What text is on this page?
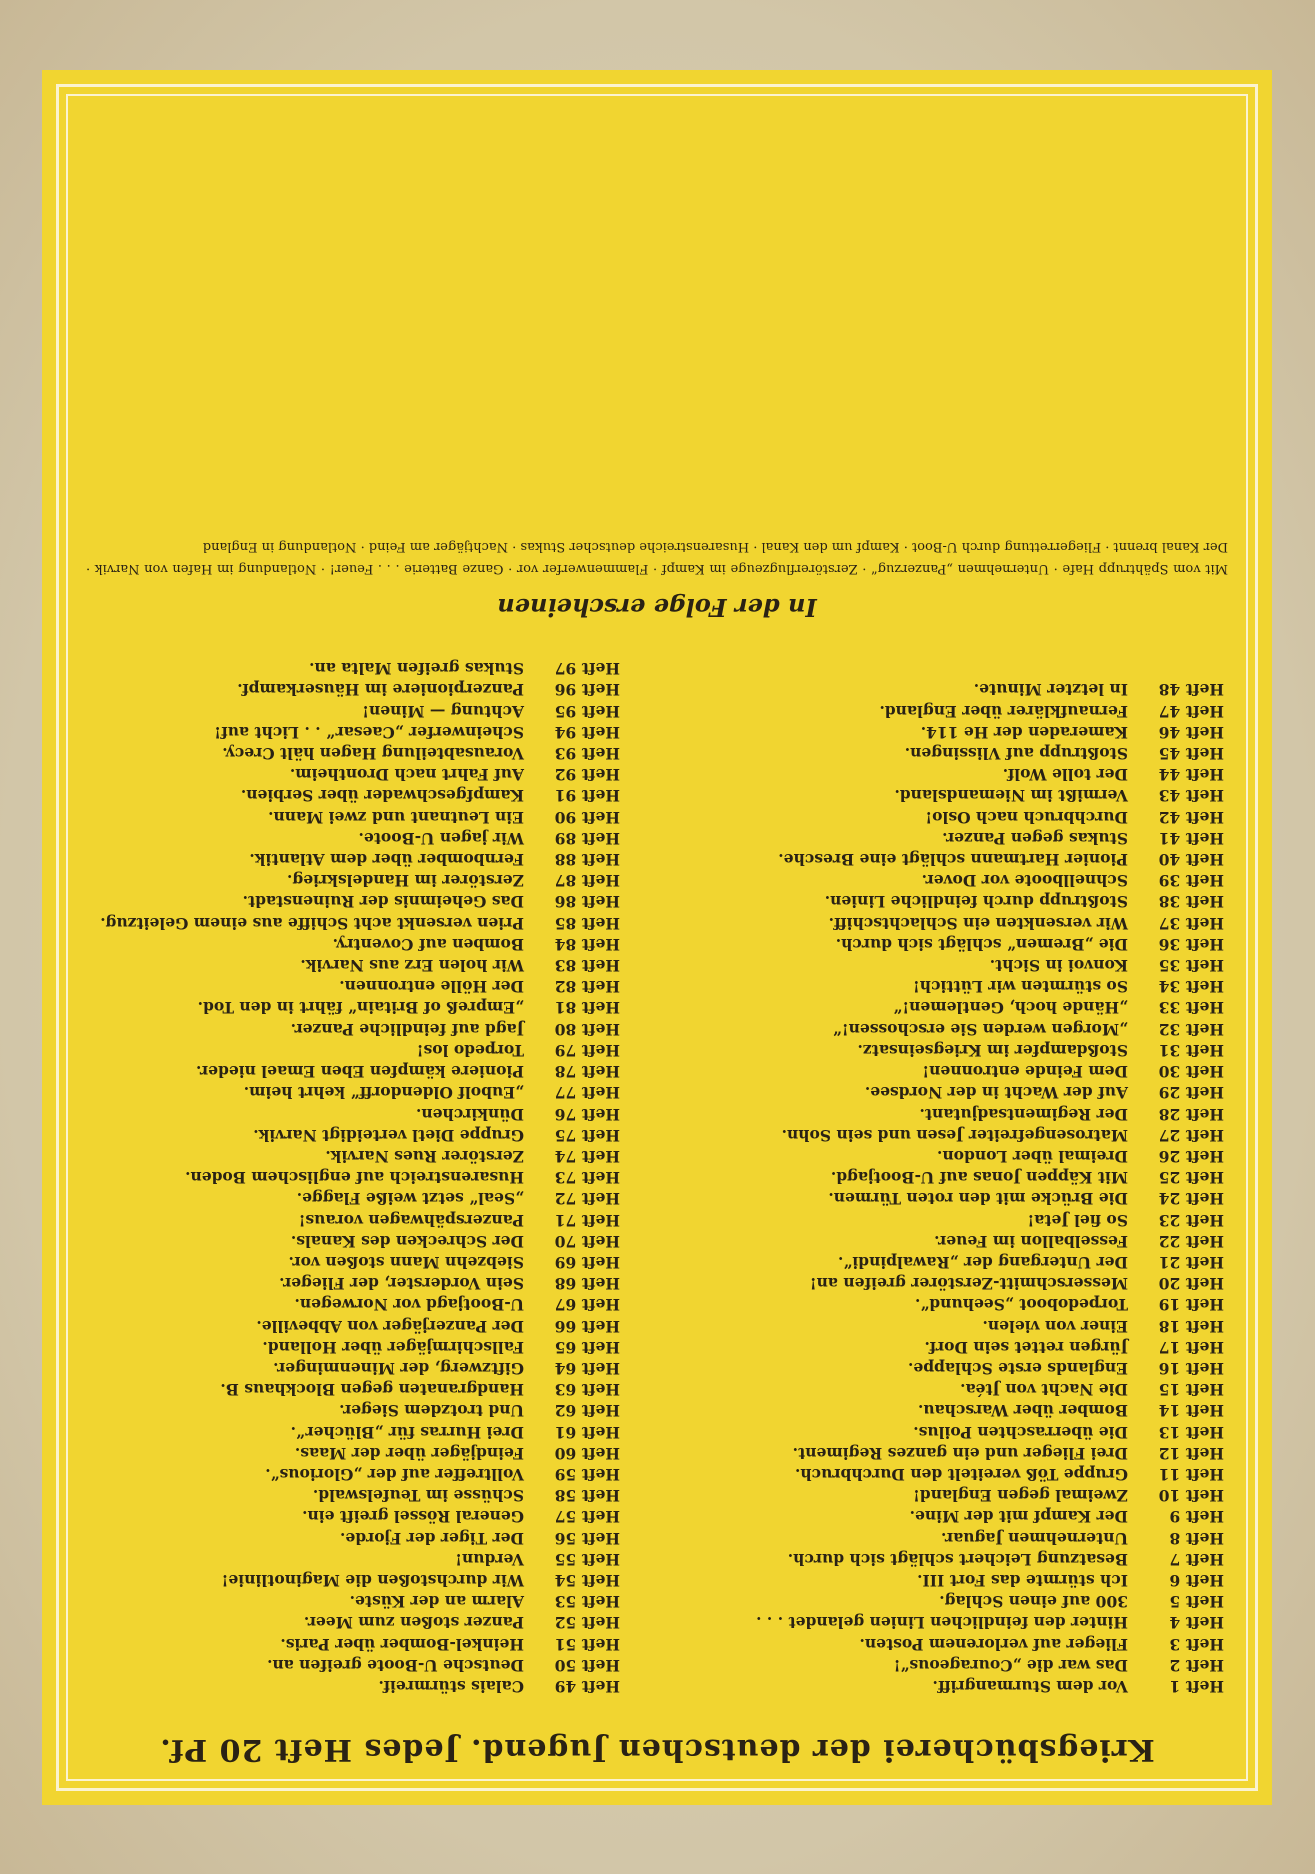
Kriegsbücherei der deutschen Jugend. Jedes Heft 20 Pf.
Heft 1
Vor dem Sturmangriff.
Heft 2
Das war die „Courageous“!
Heft 3
Flieger auf verlorenem Posten.
Heft 4
Hinter den feindlichen Linien gelandet . . .
Heft 5
300 auf einen Schlag.
Heft 6
Ich stürmte das Fort III.
Heft 7
Besatzung Leichert schlägt sich durch.
Heft 8
Unternehmen Jaguar.
Heft 9
Der Kampf mit der Mine.
Heft 10
Zweimal gegen England!
Heft 11
Gruppe Töß vereitelt den Durchbruch.
Heft 12
Drei Flieger und ein ganzes Regiment.
Heft 13
Die überraschten Poilus.
Heft 14
Bomber über Warschau.
Heft 15
Die Nacht von Jtéa.
Heft 16
Englands erste Schlappe.
Heft 17
Jürgen rettet sein Dorf.
Heft 18
Einer von vielen.
Heft 19
Torpedoboot „Seehund“.
Heft 20
Messerschmitt-Zerstörer greifen an!
Heft 21
Der Untergang der „Rawalpindi“.
Heft 22
Fesselballon im Feuer.
Heft 23
So fiel Jeta!
Heft 24
Die Brücke mit den roten Türmen.
Heft 25
Mit Käppen Jonas auf U-Bootjagd.
Heft 26
Dreimal über London.
Heft 27
Matrosengefreiter Jesen und sein Sohn.
Heft 28
Der Regimentsadjutant.
Heft 29
Auf der Wacht in der Nordsee.
Heft 30
Dem Feinde entronnen!
Heft 31
Stoßdampfer im Kriegseinsatz.
Heft 32
„Morgen werden Sie erschossen!“
Heft 33
„Hände hoch, Gentlemen!“
Heft 34
So stürmten wir Lüttich!
Heft 35
Konvoi in Sicht.
Heft 36
Die „Bremen“ schlägt sich durch.
Heft 37
Wir versenkten ein Schlachtschiff.
Heft 38
Stoßtrupp durch feindliche Linien.
Heft 39
Schnellboote vor Dover.
Heft 40
Pionier Hartmann schlägt eine Bresche.
Heft 41
Stukas gegen Panzer.
Heft 42
Durchbruch nach Oslo!
Heft 43
Vermißt im Niemandsland.
Heft 44
Der tolle Wolf.
Heft 45
Stoßtrupp auf Vlissingen.
Heft 46
Kameraden der He 114.
Heft 47
Fernaufklärer über England.
Heft 48
In letzter Minute.
Heft 49
Calais stürmreif.
Heft 50
Deutsche U-Boote greifen an.
Heft 51
Heinkel-Bomber über Paris.
Heft 52
Panzer stoßen zum Meer.
Heft 53
Alarm an der Küste.
Heft 54
Wir durchstoßen die Maginotlinie!
Heft 55
Verdun!
Heft 56
Der Tiger der Fjorde.
Heft 57
General Rössel greift ein.
Heft 58
Schüsse im Teufelswald.
Heft 59
Volltreffer auf der „Glorious“.
Heft 60
Feindjäger über der Maas.
Heft 61
Drei Hurras für „Blücher“.
Heft 62
Und trotzdem Sieger.
Heft 63
Handgranaten gegen Blockhaus B.
Heft 64
Giftzwerg, der Minenminger.
Heft 65
Fallschirmjäger über Holland.
Heft 66
Der Panzerjäger von Abbeville.
Heft 67
U-Bootjagd vor Norwegen.
Heft 68
Sein Vorderster, der Flieger.
Heft 69
Siebzehn Mann stoßen vor.
Heft 70
Der Schrecken des Kanals.
Heft 71
Panzerspähwagen voraus!
Heft 72
„Seal“ setzt weiße Flagge.
Heft 73
Husarenstreich auf englischem Boden.
Heft 74
Zerstörer Rues Narvik.
Heft 75
Gruppe Dietl verteidigt Narvik.
Heft 76
Dünkirchen.
Heft 77
„Eubolf Oldendorff“ kehrt heim.
Heft 78
Pioniere kämpfen Eben Emael nieder.
Heft 79
Torpedo los!
Heft 80
Jagd auf feindliche Panzer.
Heft 81
„Empreß of Britain“ fährt in den Tod.
Heft 82
Der Hölle entronnen.
Heft 83
Wir holen Erz aus Narvik.
Heft 84
Bomben auf Coventry.
Heft 85
Prien versenkt acht Schiffe aus einem Geleitzug.
Heft 86
Das Geheimnis der Ruinenstadt.
Heft 87
Zerstörer im Handelskrieg.
Heft 88
Fernbomber über dem Atlantik.
Heft 89
Wir jagen U-Boote.
Heft 90
Ein Leutnant und zwei Mann.
Heft 91
Kampfgeschwader über Serbien.
Heft 92
Auf Fahrt nach Drontheim.
Heft 93
Vorausabteilung Hagen hält Crecy.
Heft 94
Scheinwerfer „Caesar“ . . Licht auf!
Heft 95
Achtung — Minen!
Heft 96
Panzerpioniere im Häuserkampf.
Heft 97
Stukas greifen Malta an.
In der Folge erscheinen

Mit vom Spähtrupp Hafe · Unternehmen „Panzerzug“ · Zerstörerflugzeuge im Kampf · Flammenwerfer vor · Ganze Batterie . . . Feuer! · Notlandung im Hafen von Narvik · Der Kanal brennt · Fliegerrettung durch U-Boot · Kampf um den Kanal · Husarenstreiche deutscher Stukas · Nachtjäger am Feind · Notlandung in England
